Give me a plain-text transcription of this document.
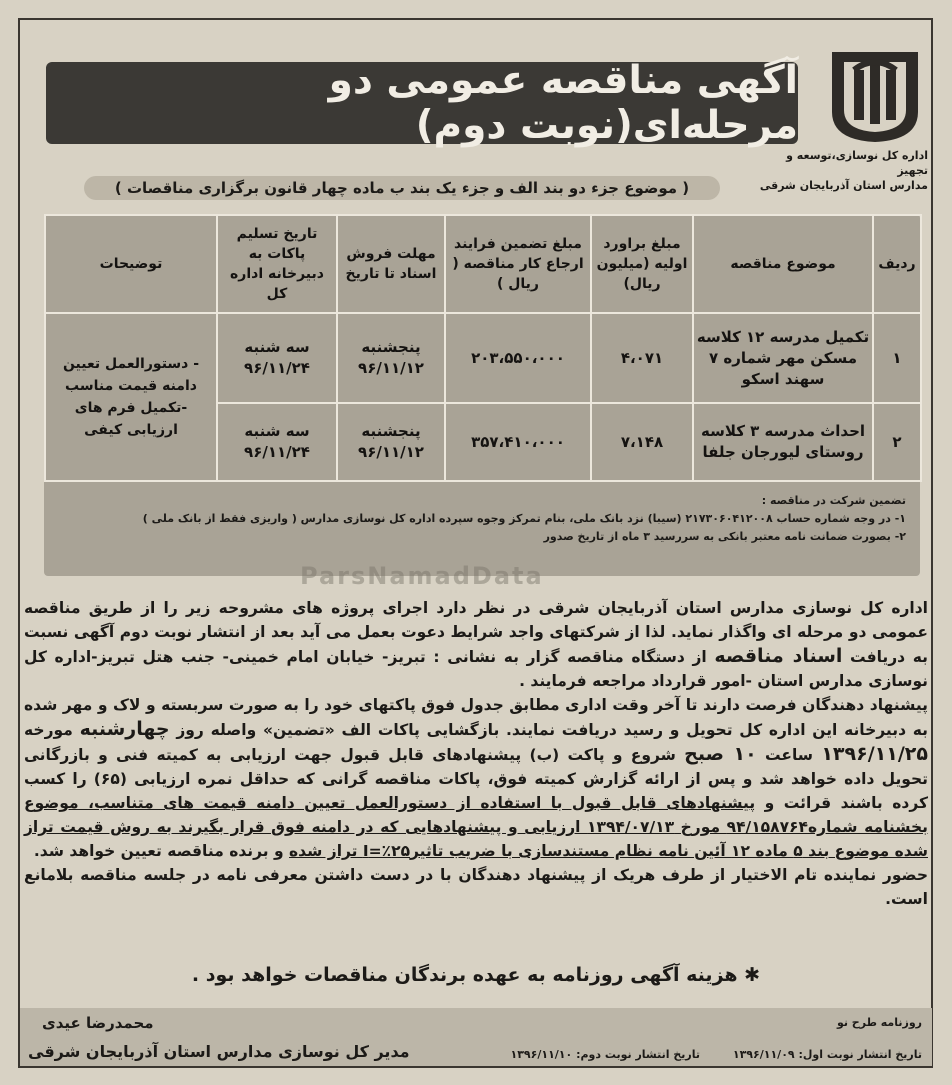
آگهی مناقصه عمومی دو مرحله‌ای(نوبت دوم)
اداره کل نوسازی،توسعه و تجهیز
مدارس استان آذربایجان شرقی
( موضوع جزء دو بند الف و جزء یک بند ب ماده چهار قانون برگزاری مناقصات )
ردیف	موضوع مناقصه	مبلغ براورد اولیه (میلیون ریال)	مبلغ تضمین فرایند ارجاع کار مناقصه ( ریال )	مهلت فروش اسناد تا تاریخ	تاریخ تسلیم پاکات به دبیرخانه اداره کل	توضیحات
۱	تکمیل مدرسه ۱۲ کلاسه مسکن مهر شماره ۷ سهند اسکو	۴،۰۷۱	۲۰۳،۵۵۰،۰۰۰	پنجشنبه ۹۶/۱۱/۱۲	سه شنبه ۹۶/۱۱/۲۴	- دستورالعمل تعیین دامنه قیمت مناسب
-تکمیل فرم های ارزیابی کیفی

۲	احداث مدرسه ۳ کلاسه روستای لیورجان جلفا	۷،۱۴۸	۳۵۷،۴۱۰،۰۰۰	پنجشنبه ۹۶/۱۱/۱۲	سه شنبه ۹۶/۱۱/۲۴	
تضمین شرکت در مناقصه :
۱- در وجه شماره حساب ۲۱۷۳۰۶۰۴۱۲۰۰۸ (سیبا) نزد بانک ملی، بنام تمرکز وجوه سپرده اداره کل نوسازی مدارس ( واریزی فقط از بانک ملی )
۲- بصورت ضمانت نامه معتبر بانکی به سررسید ۳ ماه از تاریخ صدور
ParsNamadData

اداره کل نوسازی مدارس استان آذربایجان شرقی در نظر دارد اجرای پروژه های مشروحه زیر را از طریق مناقصه عمومی دو مرحله ای واگذار نماید. لذا از شرکتهای واجد شرایط دعوت بعمل می آید بعد از انتشار نوبت دوم آگهی نسبت به دریافت اسناد مناقصه از دستگاه مناقصه گزار به نشانی : تبریز- خیابان امام خمینی- جنب هتل تبریز-اداره کل نوسازی مدارس استان -امور قرارداد مراجعه فرمایند .

پیشنهاد دهندگان فرصت دارند تا آخر وقت اداری مطابق جدول فوق پاکتهای خود را به صورت سربسته و لاک و مهر شده به دبیرخانه این اداره کل تحویل و رسید دریافت نمایند. بازگشایی پاکات الف «تضمین» واصله روز چهارشنبه مورخه ۱۳۹۶/۱۱/۲۵ ساعت ۱۰ صبح شروع و پاکت (ب) پیشنهادهای قابل قبول جهت ارزیابی به کمیته فنی و بازرگانی تحویل داده خواهد شد و پس از ارائه گزارش کمیته فوق، پاکات مناقصه گرانی که حداقل نمره ارزیابی (۶۵) را کسب کرده باشند قرائت و پیشنهادهای قابل قبول با استفاده از دستورالعمل تعیین دامنه قیمت های متناسب، موضوع بخشنامه شماره۹۴/۱۵۸۷۶۴ مورخ ۱۳۹۴/۰۷/۱۳ ارزیابی و پیشنهادهایی که در دامنه فوق قرار بگیرند به روش قیمت تراز شده موضوع بند ۵ ماده ۱۲ آئین نامه نظام مستندسازی با ضریب تاثیر۲۵٪=I تراز شده و برنده مناقصه تعیین خواهد شد.

حضور نماینده تام الاختیار از طرف هریک از پیشنهاد دهندگان با در دست داشتن معرفی نامه در جلسه مناقصه بلامانع است.

✱ هزینه آگهی روزنامه به عهده برندگان مناقصات خواهد بود .
روزنامه طرح نو
تاریخ انتشار نوبت اول: ۱۳۹۶/۱۱/۰۹
تاریخ انتشار نوبت دوم: ۱۳۹۶/۱۱/۱۰
محمدرضا عیدی
مدیر کل نوسازی مدارس استان آذربایجان شرقی
